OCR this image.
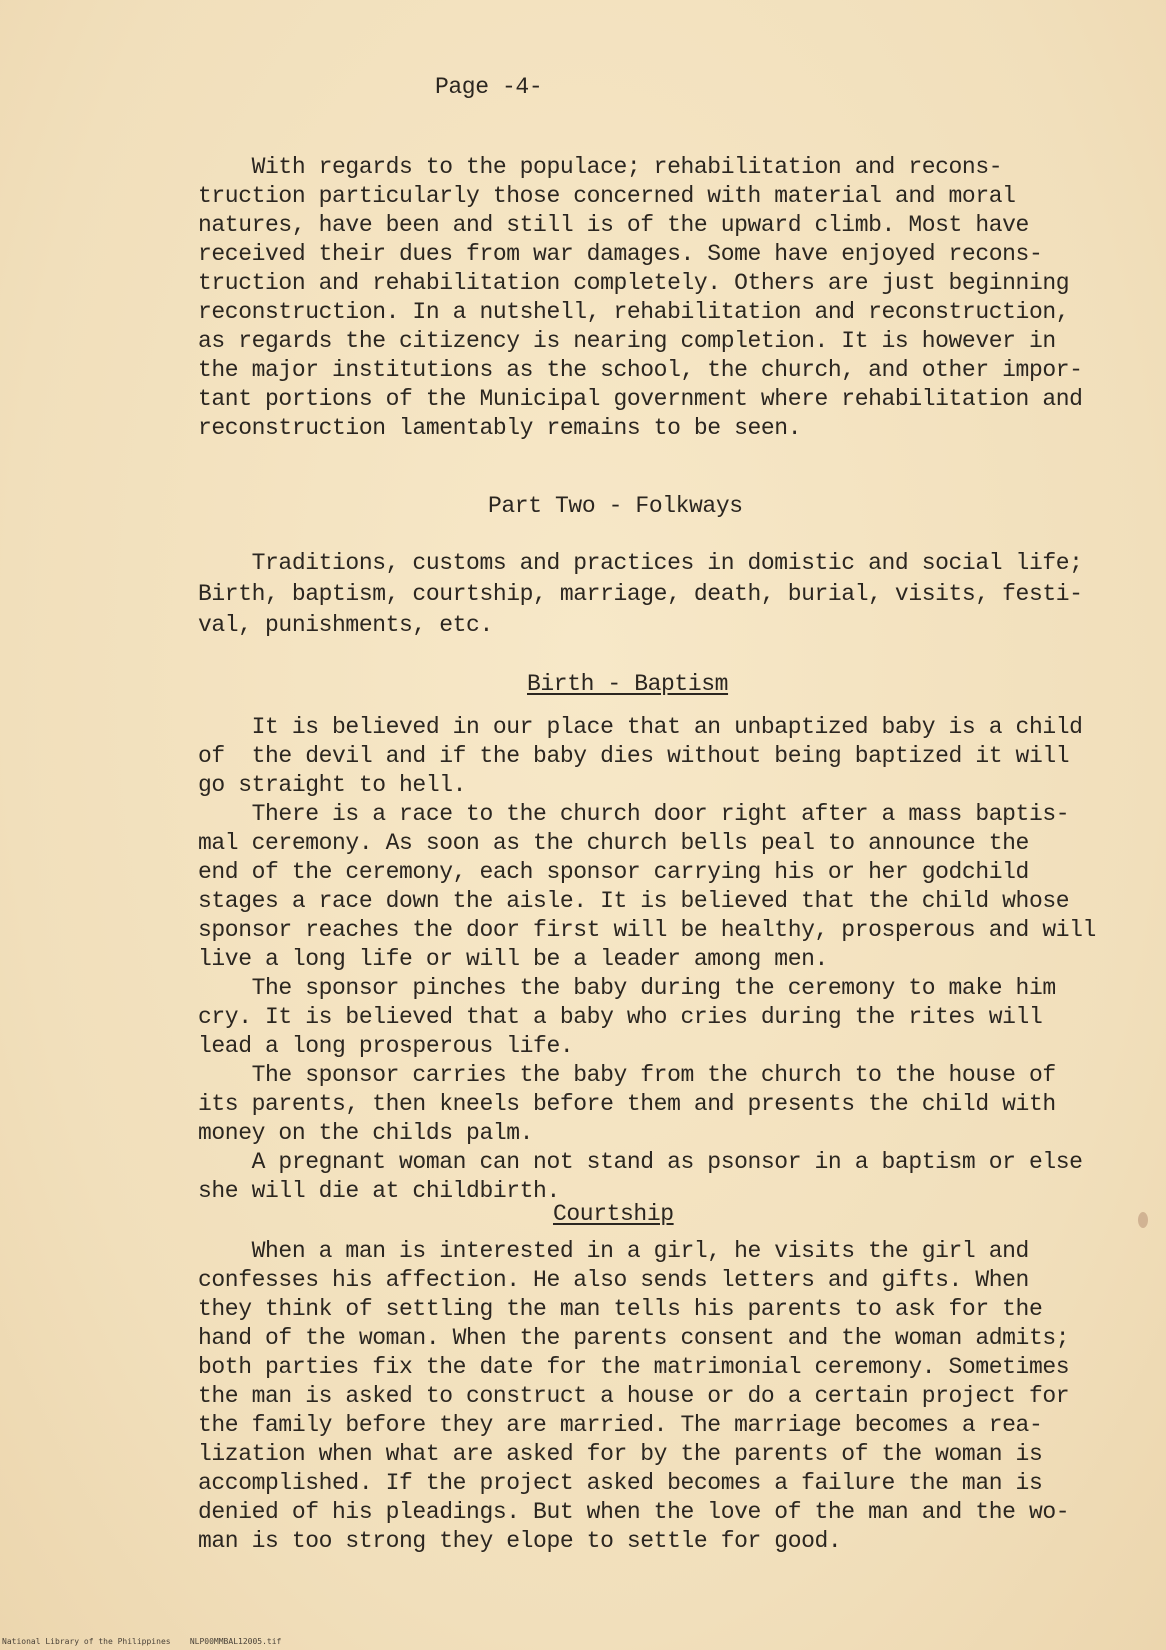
Page -4-
With regards to the populace; rehabilitation and recons-
truction particularly those concerned with material and moral
natures, have been and still is of the upward climb. Most have
received their dues from war damages. Some have enjoyed recons-
truction and rehabilitation completely. Others are just beginning
reconstruction. In a nutshell, rehabilitation and reconstruction,
as regards the citizency is nearing completion. It is however in
the major institutions as the school, the church, and other impor-
tant portions of the Municipal government where rehabilitation and
reconstruction lamentably remains to be seen.
Part Two - Folkways
Traditions, customs and practices in domistic and social life;
Birth, baptism, courtship, marriage, death, burial, visits, festi-
val, punishments, etc.
Birth - Baptism
It is believed in our place that an unbaptized baby is a child
of  the devil and if the baby dies without being baptized it will
go straight to hell.
There is a race to the church door right after a mass baptis-
mal ceremony. As soon as the church bells peal to announce the
end of the ceremony, each sponsor carrying his or her godchild
stages a race down the aisle. It is believed that the child whose
sponsor reaches the door first will be healthy, prosperous and will
live a long life or will be a leader among men.
The sponsor pinches the baby during the ceremony to make him
cry. It is believed that a baby who cries during the rites will
lead a long prosperous life.
The sponsor carries the baby from the church to the house of
its parents, then kneels before them and presents the child with
money on the childs palm.
A pregnant woman can not stand as psonsor in a baptism or else
she will die at childbirth.
Courtship
When a man is interested in a girl, he visits the girl and
confesses his affection. He also sends letters and gifts. When
they think of settling the man tells his parents to ask for the
hand of the woman. When the parents consent and the woman admits;
both parties fix the date for the matrimonial ceremony. Sometimes
the man is asked to construct a house or do a certain project for
the family before they are married. The marriage becomes a rea-
lization when what are asked for by the parents of the woman is
accomplished. If the project asked becomes a failure the man is
denied of his pleadings. But when the love of the man and the wo-
man is too strong they elope to settle for good.
National Library of the Philippines    NLP00MMBAL12005.tif
